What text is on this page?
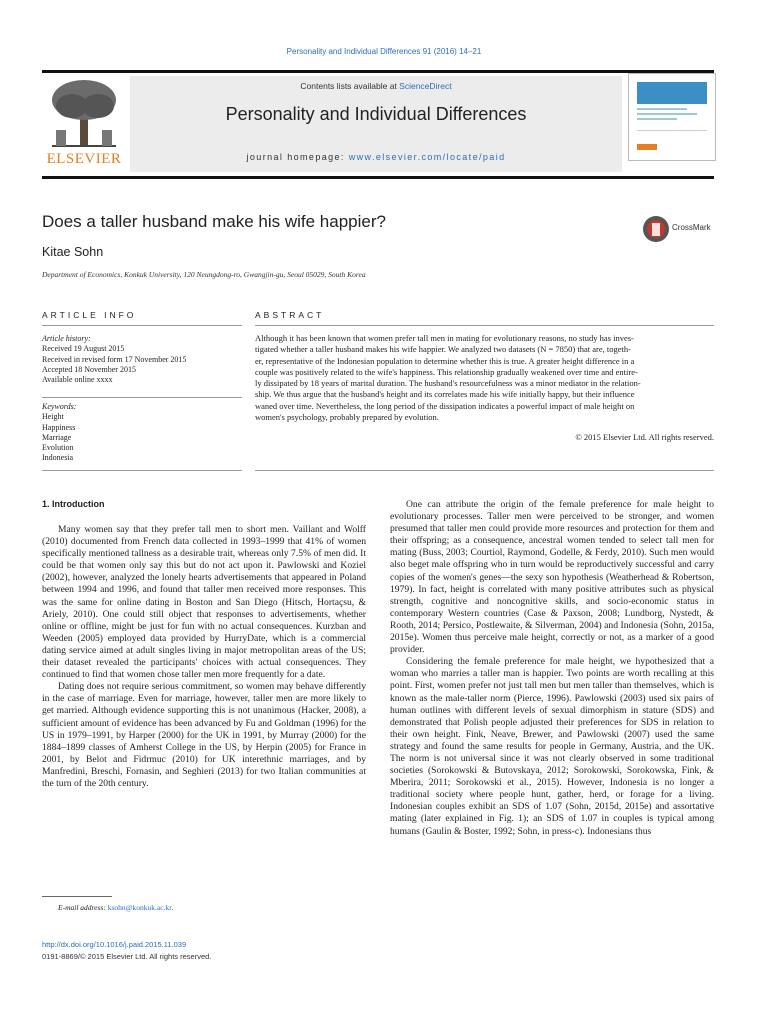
Personality and Individual Differences 91 (2016) 14–21
ELSEVIER
Contents lists available at ScienceDirect
Personality and Individual Differences
journal homepage: www.elsevier.com/locate/paid
Does a taller husband make his wife happier?	CrossMark
Kitae Sohn
Department of Economics, Konkuk University, 120 Neungdong-ro, Gwangjin-gu, Seoul 05029, South Korea
ARTICLE INFO
Article history:
Received 19 August 2015
Received in revised form 17 November 2015
Accepted 18 November 2015
Available online xxxx
Keywords:
Height
Happiness
Marriage
Evolution
Indonesia
ABSTRACT
Although it has been known that women prefer tall men in mating for evolutionary reasons, no study has inves-
tigated whether a taller husband makes his wife happier. We analyzed two datasets (N = 7850) that are, togeth-
er, representative of the Indonesian population to determine whether this is true. A greater height difference in a
couple was positively related to the wife's happiness. This relationship gradually weakened over time and entire-
ly dissipated by 18 years of marital duration. The husband's resourcefulness was a minor mediator in the relation-
ship. We thus argue that the husband's height and its correlates made his wife initially happy, but their influence
waned over time. Nevertheless, the long period of the dissipation indicates a powerful impact of male height on
women's psychology, probably prepared by evolution.
© 2015 Elsevier Ltd. All rights reserved.
1. Introduction

Many women say that they prefer tall men to short men. Vaillant and Wolff (2010) documented from French data collected in 1993–1999 that 41% of women specifically mentioned tallness as a desirable trait, whereas only 7.5% of men did. It could be that women only say this but do not act upon it. Pawlowski and Koziel (2002), however, analyzed the lonely hearts advertisements that appeared in Poland between 1994 and 1996, and found that taller men received more responses. This was the same for online dating in Boston and San Diego (Hitsch, Hortaçsu, & Ariely, 2010). One could still object that responses to advertisements, whether online or offline, might be just for fun with no actual consequences. Kurzban and Weeden (2005) employed data provided by HurryDate, which is a commercial dating service aimed at adult singles living in major metropolitan areas of the US; their dataset revealed the participants' choices with actual consequences. They continued to find that women chose taller men more frequently for a date.

Dating does not require serious commitment, so women may behave differently in the case of marriage. Even for marriage, however, taller men are more likely to get married. Although evidence supporting this is not unanimous (Hacker, 2008), a sufficient amount of evidence has been advanced by Fu and Goldman (1996) for the US in 1979–1991, by Harper (2000) for the UK in 1991, by Murray (2000) for the 1884–1899 classes of Amherst College in the US, by Herpin (2005) for France in 2001, by Belot and Fidrmuc (2010) for UK interethnic marriages, and by Manfredini, Breschi, Fornasin, and Seghieri (2013) for two Italian communities at the turn of the 20th century.

One can attribute the origin of the female preference for male height to evolutionary processes. Taller men were perceived to be stronger, and women presumed that taller men could provide more resources and protection for them and their offspring; as a consequence, ancestral women tended to select tall men for mating (Buss, 2003; Courtiol, Raymond, Godelle, & Ferdy, 2010). Such men would also beget male offspring who in turn would be reproductively successful and carry copies of the women's genes—the sexy son hypothesis (Weatherhead & Robertson, 1979). In fact, height is correlated with many positive attributes such as physical strength, cognitive and noncognitive skills, and socio-economic status in contemporary Western countries (Case & Paxson, 2008; Lundborg, Nystedt, & Rooth, 2014; Persico, Postlewaite, & Silverman, 2004) and Indonesia (Sohn, 2015a, 2015e). Women thus perceive male height, correctly or not, as a marker of a good provider.

Considering the female preference for male height, we hypothesized that a woman who marries a taller man is happier. Two points are worth recalling at this point. First, women prefer not just tall men but men taller than themselves, which is known as the male-taller norm (Pierce, 1996). Pawlowski (2003) used six pairs of human outlines with different levels of sexual dimorphism in stature (SDS) and demonstrated that Polish people adjusted their preferences for SDS in relation to their own height. Fink, Neave, Brewer, and Pawlowski (2007) used the same strategy and found the same results for people in Germany, Austria, and the UK. The norm is not universal since it was not clearly observed in some traditional societies (Sorokowski & Butovskaya, 2012; Sorokowski, Sorokowska, Fink, & Mberira, 2011; Sorokowski et al., 2015). However, Indonesia is no longer a traditional society where people hunt, gather, herd, or forage for a living. Indonesian couples exhibit an SDS of 1.07 (Sohn, 2015d, 2015e) and assortative mating (later explained in Fig. 1); an SDS of 1.07 in couples is typical among humans (Gaulin & Boster, 1992; Sohn, in press-c). Indonesians thus

E-mail address: ksohn@konkuk.ac.kr.
http://dx.doi.org/10.1016/j.paid.2015.11.039
0191-8869/© 2015 Elsevier Ltd. All rights reserved.
